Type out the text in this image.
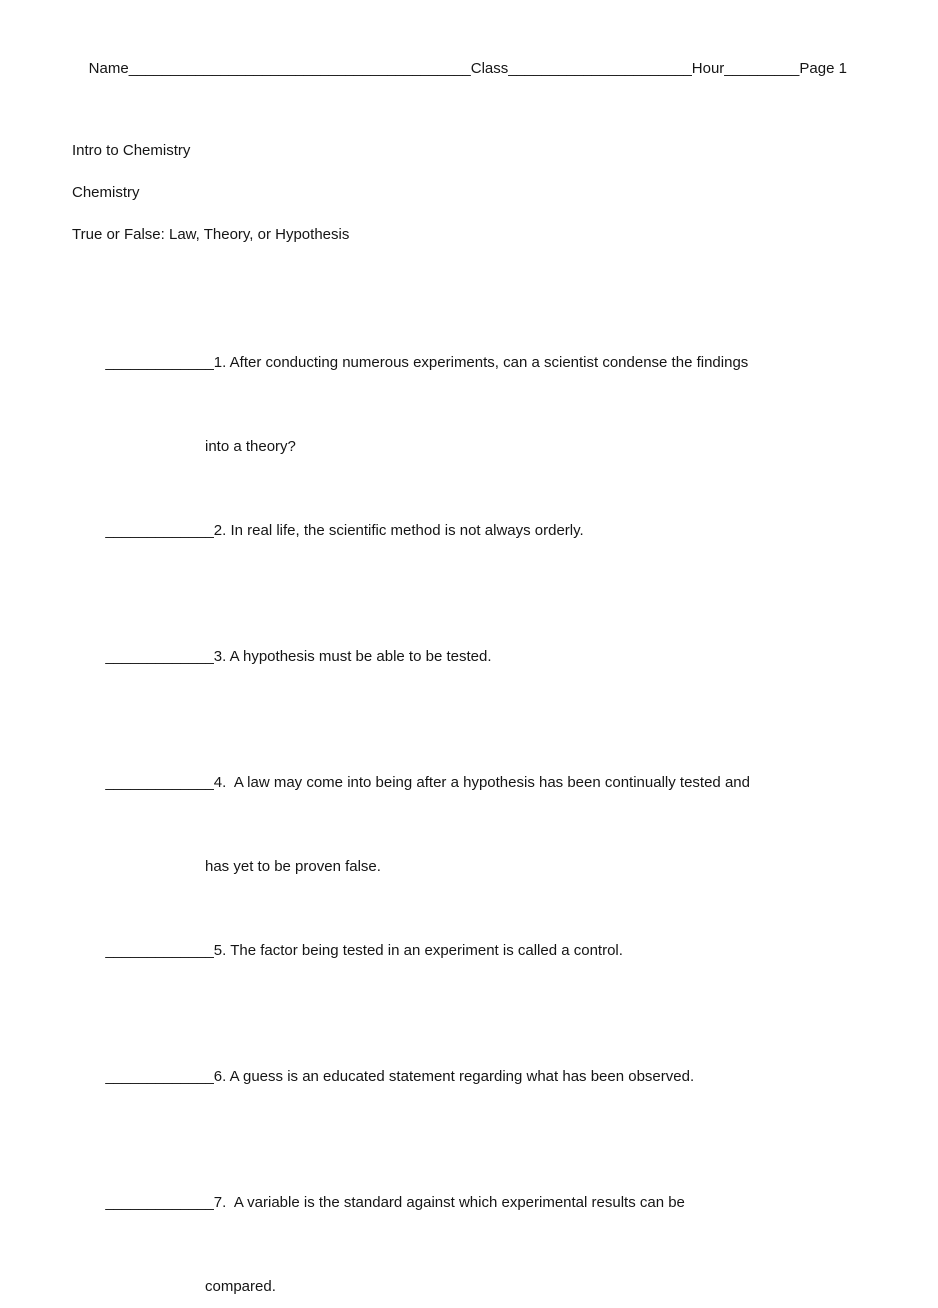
Name_________________________________________Class______________________Hour_________Page 1

Intro to Chemistry
Chemistry
True or False: Law, Theory, or Hypothesis

_____________1. After conducting numerous experiments, can a scientist condense the findings

into a theory?

_____________2. In real life, the scientific method is not always orderly.

_____________3. A hypothesis must be able to be tested.

_____________4.  A law may come into being after a hypothesis has been continually tested and

has yet to be proven false.

_____________5. The factor being tested in an experiment is called a control.

_____________6. A guess is an educated statement regarding what has been observed.

_____________7.  A variable is the standard against which experimental results can be

compared.
